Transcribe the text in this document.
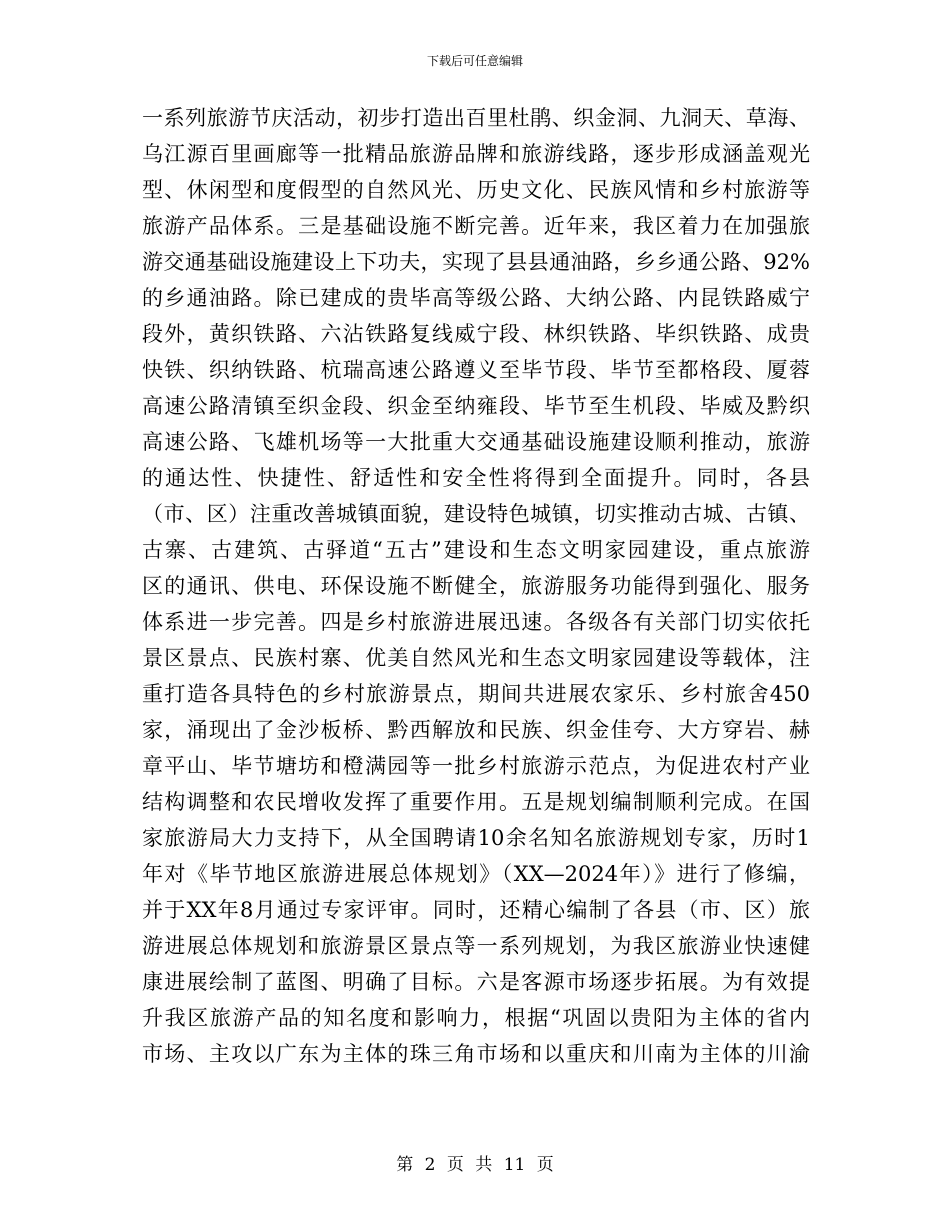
下载后可任意编辑
一系列旅游节庆活动，初步打造出百里杜鹃、织金洞、九洞天、草海、
乌江源百里画廊等一批精品旅游品牌和旅游线路，逐步形成涵盖观光
型、休闲型和度假型的自然风光、历史文化、民族风情和乡村旅游等
旅游产品体系。三是基础设施不断完善。近年来，我区着力在加强旅
游交通基础设施建设上下功夫，实现了县县通油路，乡乡通公路、92%
的乡通油路。除已建成的贵毕高等级公路、大纳公路、内昆铁路威宁
段外，黄织铁路、六沾铁路复线威宁段、林织铁路、毕织铁路、成贵
快铁、织纳铁路、杭瑞高速公路遵义至毕节段、毕节至都格段、厦蓉
高速公路清镇至织金段、织金至纳雍段、毕节至生机段、毕威及黔织
高速公路、飞雄机场等一大批重大交通基础设施建设顺利推动，旅游
的通达性、快捷性、舒适性和安全性将得到全面提升。同时，各县
（市、区）注重改善城镇面貌，建设特色城镇，切实推动古城、古镇、
古寨、古建筑、古驿道“五古”建设和生态文明家园建设，重点旅游
区的通讯、供电、环保设施不断健全，旅游服务功能得到强化、服务
体系进一步完善。四是乡村旅游进展迅速。各级各有关部门切实依托
景区景点、民族村寨、优美自然风光和生态文明家园建设等载体，注
重打造各具特色的乡村旅游景点，期间共进展农家乐、乡村旅舍450
家，涌现出了金沙板桥、黔西解放和民族、织金佳夸、大方穿岩、赫
章平山、毕节塘坊和橙满园等一批乡村旅游示范点，为促进农村产业
结构调整和农民增收发挥了重要作用。五是规划编制顺利完成。在国
家旅游局大力支持下，从全国聘请10余名知名旅游规划专家，历时1
年对《毕节地区旅游进展总体规划》（XX—2024年）》进行了修编，
并于XX年8月通过专家评审。同时，还精心编制了各县（市、区）旅
游进展总体规划和旅游景区景点等一系列规划，为我区旅游业快速健
康进展绘制了蓝图、明确了目标。六是客源市场逐步拓展。为有效提
升我区旅游产品的知名度和影响力，根据“巩固以贵阳为主体的省内
市场、主攻以广东为主体的珠三角市场和以重庆和川南为主体的川渝
第 2 页 共 11 页
